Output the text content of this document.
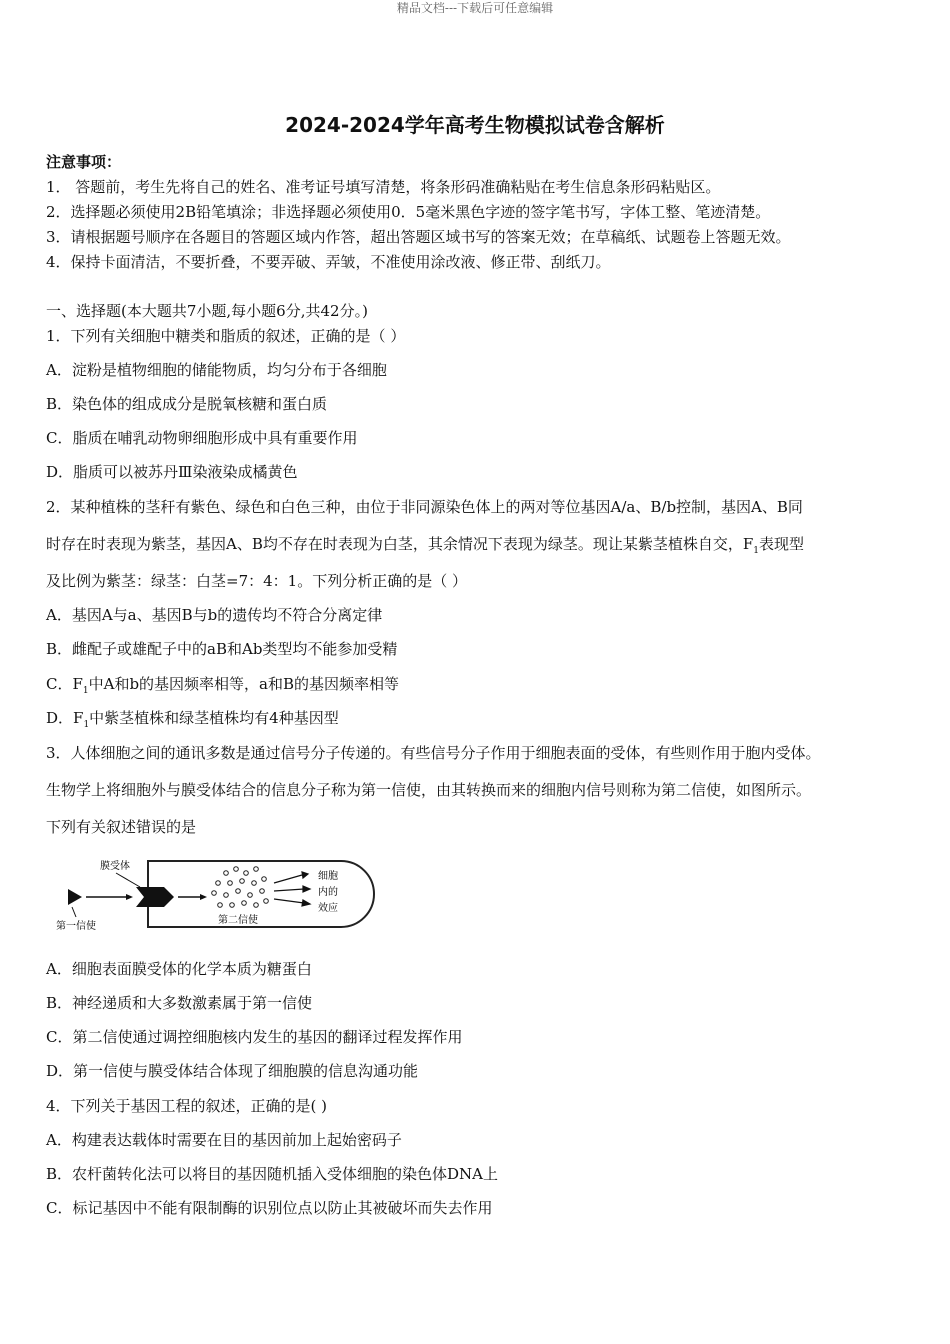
精品文档---下载后可任意编辑
2024-2024学年高考生物模拟试卷含解析
注意事项：
1． 答题前，考生先将自己的姓名、准考证号填写清楚，将条形码准确粘贴在考生信息条形码粘贴区。
2．选择题必须使用2B铅笔填涂；非选择题必须使用0．5毫米黑色字迹的签字笔书写，字体工整、笔迹清楚。
3．请根据题号顺序在各题目的答题区域内作答，超出答题区域书写的答案无效；在草稿纸、试题卷上答题无效。
4．保持卡面清洁，不要折叠，不要弄破、弄皱，不准使用涂改液、修正带、刮纸刀。
一、选择题(本大题共7小题,每小题6分,共42分。)
1．下列有关细胞中糖类和脂质的叙述，正确的是（ ）
A．淀粉是植物细胞的储能物质，均匀分布于各细胞
B．染色体的组成成分是脱氧核糖和蛋白质
C．脂质在哺乳动物卵细胞形成中具有重要作用
D．脂质可以被苏丹Ⅲ染液染成橘黄色
2．某种植株的茎秆有紫色、绿色和白色三种，由位于非同源染色体上的两对等位基因A/a、B/b控制，基因A、B同
时存在时表现为紫茎，基因A、B均不存在时表现为白茎，其余情况下表现为绿茎。现让某紫茎植株自交，$F_1$表现型
及比例为紫茎：绿茎：白茎=7：4：1。下列分析正确的是（ ）
A．基因A与a、基因B与b的遗传均不符合分离定律
B．雌配子或雄配子中的aB和Ab类型均不能参加受精
C．$F_1$中A和b的基因频率相等，a和B的基因频率相等
D．$F_1$中紫茎植株和绿茎植株均有4种基因型
3．人体细胞之间的通讯多数是通过信号分子传递的。有些信号分子作用于细胞表面的受体，有些则作用于胞内受体。
生物学上将细胞外与膜受体结合的信息分子称为第一信使，由其转换而来的细胞内信号则称为第二信使，如图所示。
下列有关叙述错误的是
膜受体
第一信使
第二信使
细胞
内的
效应
A．细胞表面膜受体的化学本质为糖蛋白
B．神经递质和大多数激素属于第一信使
C．第二信使通过调控细胞核内发生的基因的翻译过程发挥作用
D．第一信使与膜受体结合体现了细胞膜的信息沟通功能
4．下列关于基因工程的叙述，正确的是( )
A．构建表达载体时需要在目的基因前加上起始密码子
B．农杆菌转化法可以将目的基因随机插入受体细胞的染色体DNA上
C．标记基因中不能有限制酶的识别位点以防止其被破坏而失去作用
